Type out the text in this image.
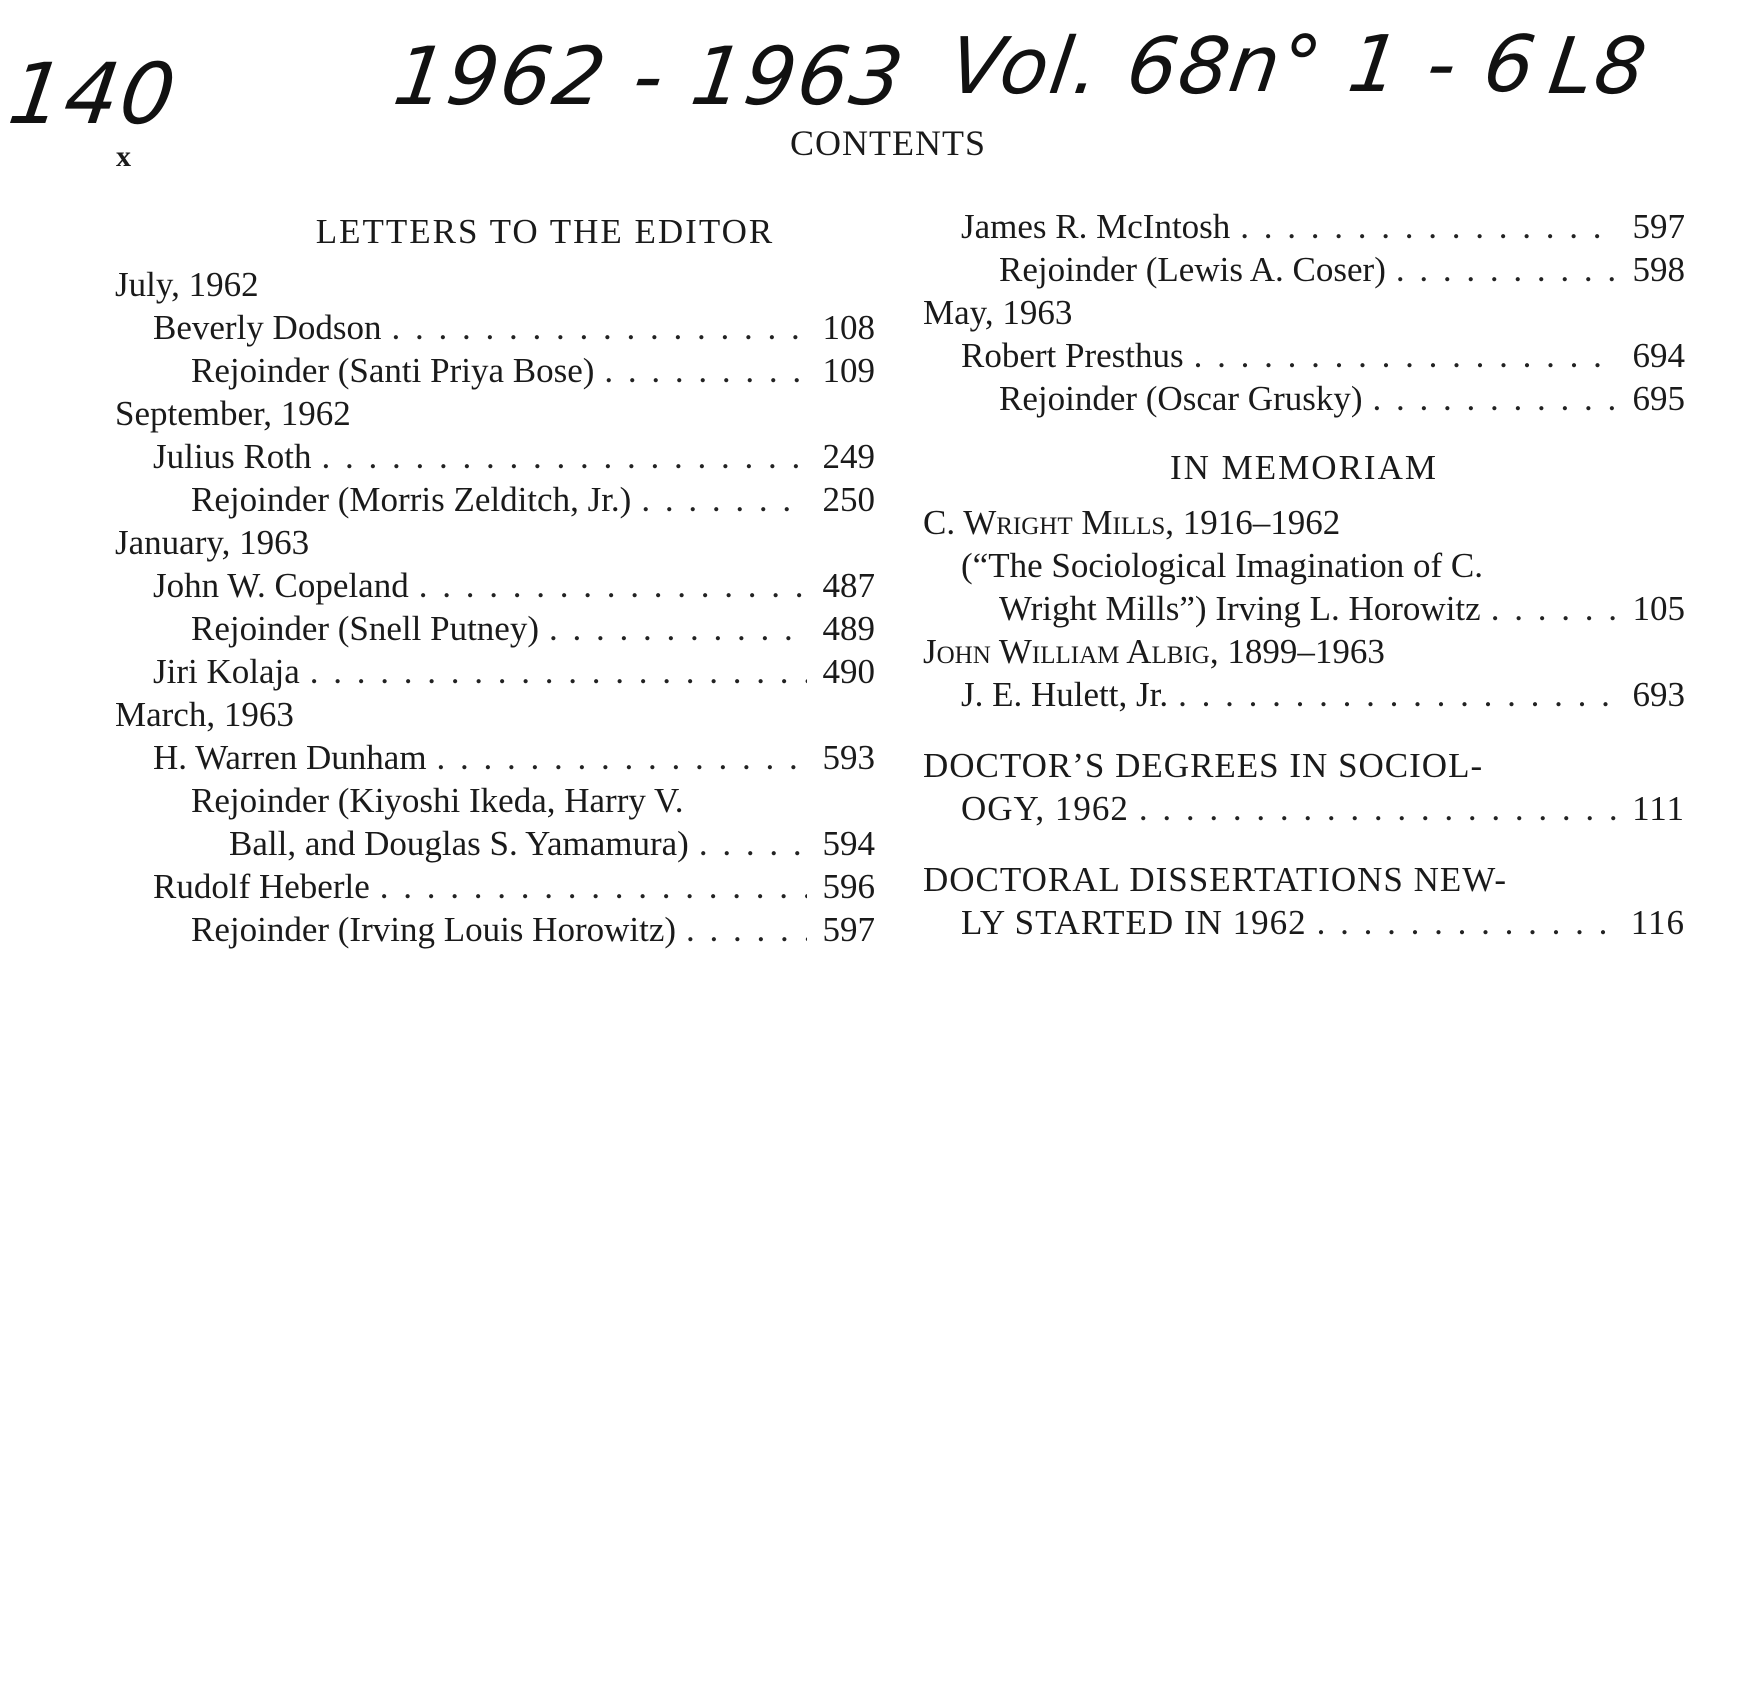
140	1962 - 1963 Vol. 68
n° 1 - 6 L8
x	CONTENTS
LETTERS TO THE EDITOR
July, 1962
Beverly Dodson . . .	108
Rejoinder (Santi Priya Bose) . . .	109
September, 1962
Julius Roth . . .	249
Rejoinder (Morris Zelditch, Jr.) . . .	250
January, 1963
John W. Copeland . . .	487
Rejoinder (Snell Putney) . . .	489
Jiri Kolaja . . .	490
March, 1963
H. Warren Dunham . . .	593
Rejoinder (Kiyoshi Ikeda, Harry V.
Ball, and Douglas S. Yamamura) . . .	594
Rudolf Heberle . . .	596
Rejoinder (Irving Louis Horowitz) . . .	597
James R. McIntosh . . .	597
Rejoinder (Lewis A. Coser) . . .	598
May, 1963
Robert Presthus . . .	694
Rejoinder (Oscar Grusky) . . .	695
IN MEMORIAM
C. Wright Mills, 1916–1962
(“The Sociological Imagination of C.
Wright Mills”) Irving L. Horowitz . . .	105
John William Albig, 1899–1963
J. E. Hulett, Jr. . . .	693
DOCTOR’S DEGREES IN SOCIOL-
OGY, 1962 . . .	111
DOCTORAL DISSERTATIONS NEW-
LY STARTED IN 1962 . . .	116
